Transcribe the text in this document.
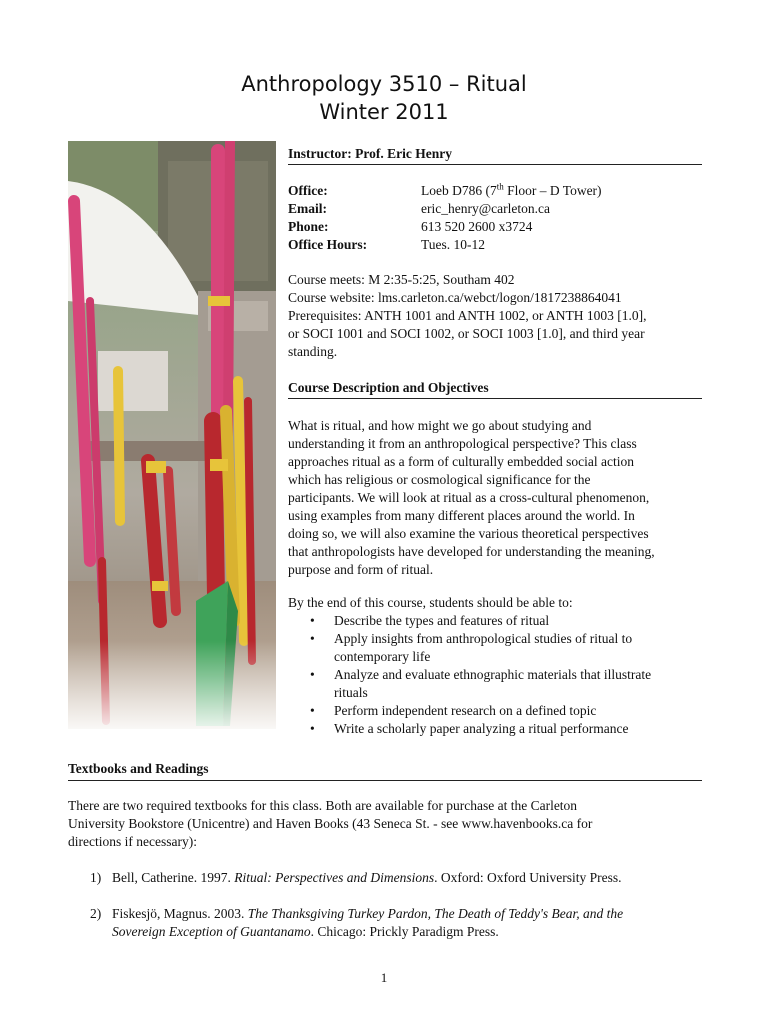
Anthropology 3510 – Ritual
Winter 2011
Instructor: Prof. Eric Henry
Office:	Loeb D786 (7th Floor – D Tower)
Email:	eric_henry@carleton.ca
Phone:	613 520 2600 x3724
Office Hours:	Tues. 10-12
Course meets: M 2:35-5:25, Southam 402
Course website: lms.carleton.ca/webct/logon/1817238864041
Prerequisites: ANTH 1001 and ANTH 1002, or ANTH 1003 [1.0],
or SOCI 1001 and SOCI 1002, or SOCI 1003 [1.0], and third year
standing.
Course Description and Objectives
What is ritual, and how might we go about studying and
understanding it from an anthropological perspective? This class
approaches ritual as a form of culturally embedded social action
which has religious or cosmological significance for the
participants. We will look at ritual as a cross-cultural phenomenon,
using examples from many different places around the world. In
doing so, we will also examine the various theoretical perspectives
that anthropologists have developed for understanding the meaning,
purpose and form of ritual.
By the end of this course, students should be able to:
• Describe the types and features of ritual
• Apply insights from anthropological studies of ritual to
contemporary life
• Analyze and evaluate ethnographic materials that illustrate
rituals
• Perform independent research on a defined topic
• Write a scholarly paper analyzing a ritual performance
Textbooks and Readings
There are two required textbooks for this class. Both are available for purchase at the Carleton
University Bookstore (Unicentre) and Haven Books (43 Seneca St. - see www.havenbooks.ca for
directions if necessary):
1) Bell, Catherine. 1997. Ritual: Perspectives and Dimensions. Oxford: Oxford University Press.
2) Fiskesjö, Magnus. 2003. The Thanksgiving Turkey Pardon, The Death of Teddy's Bear, and the
Sovereign Exception of Guantanamo. Chicago: Prickly Paradigm Press.
1
